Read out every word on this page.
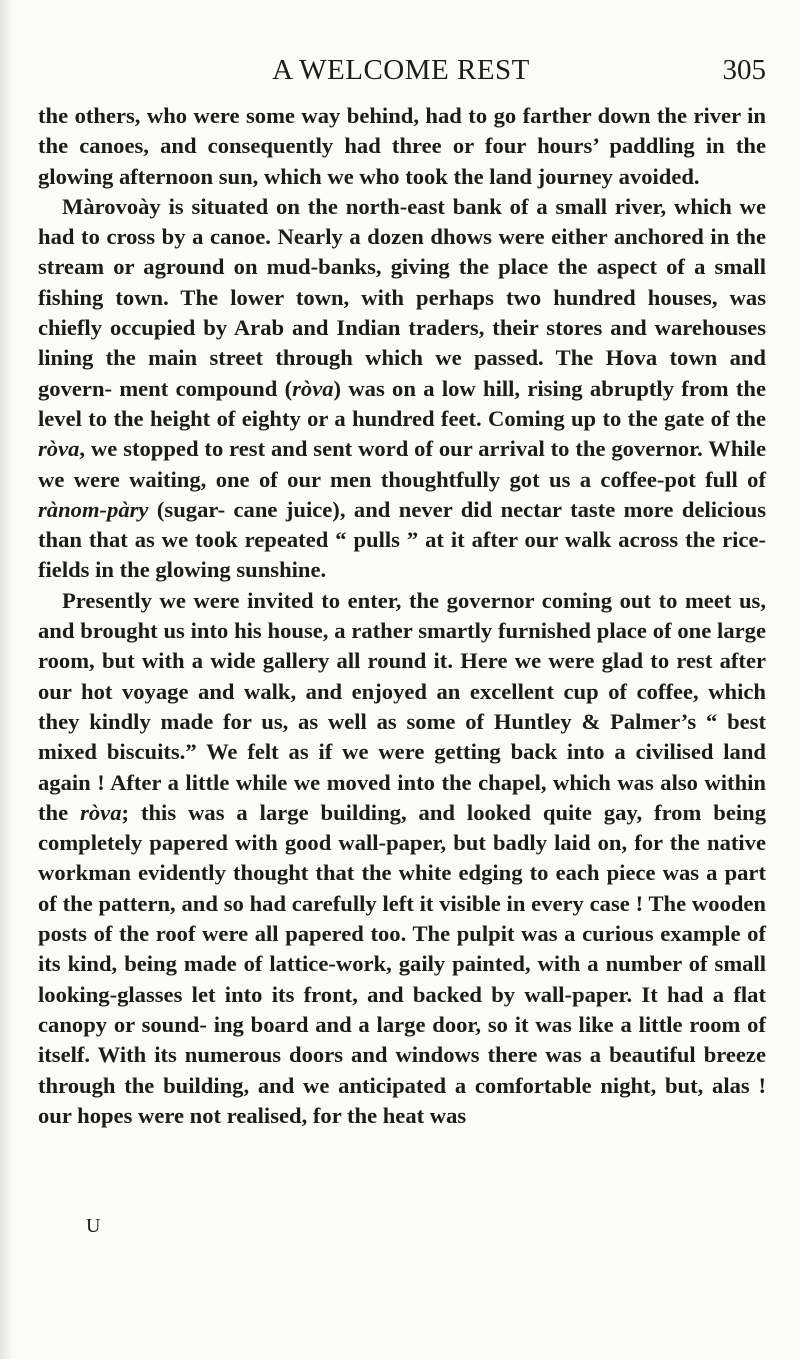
A WELCOME REST	305

the others, who were some way behind, had to go farther down the river in the canoes, and consequently had three or four hours’ paddling in the glowing afternoon sun, which we who took the land journey avoided.

Màrovoày is situated on the north-east bank of a small river, which we had to cross by a canoe. Nearly a dozen dhows were either anchored in the stream or aground on mud-banks, giving the place the aspect of a small fishing town. The lower town, with perhaps two hundred houses, was chiefly occupied by Arab and Indian traders, their stores and warehouses lining the main street through which we passed. The Hova town and govern- ment compound (ròva) was on a low hill, rising abruptly from the level to the height of eighty or a hundred feet. Coming up to the gate of the ròva, we stopped to rest and sent word of our arrival to the governor. While we were waiting, one of our men thoughtfully got us a coffee-pot full of rànom-pàry (sugar- cane juice), and never did nectar taste more delicious than that as we took repeated “ pulls ” at it after our walk across the rice- fields in the glowing sunshine.

Presently we were invited to enter, the governor coming out to meet us, and brought us into his house, a rather smartly furnished place of one large room, but with a wide gallery all round it. Here we were glad to rest after our hot voyage and walk, and enjoyed an excellent cup of coffee, which they kindly made for us, as well as some of Huntley & Palmer’s “ best mixed biscuits.” We felt as if we were getting back into a civilised land again ! After a little while we moved into the chapel, which was also within the ròva; this was a large building, and looked quite gay, from being completely papered with good wall-paper, but badly laid on, for the native workman evidently thought that the white edging to each piece was a part of the pattern, and so had carefully left it visible in every case ! The wooden posts of the roof were all papered too. The pulpit was a curious example of its kind, being made of lattice-work, gaily painted, with a number of small looking-glasses let into its front, and backed by wall-paper. It had a flat canopy or sound- ing board and a large door, so it was like a little room of itself. With its numerous doors and windows there was a beautiful breeze through the building, and we anticipated a comfortable night, but, alas ! our hopes were not realised, for the heat was

U
